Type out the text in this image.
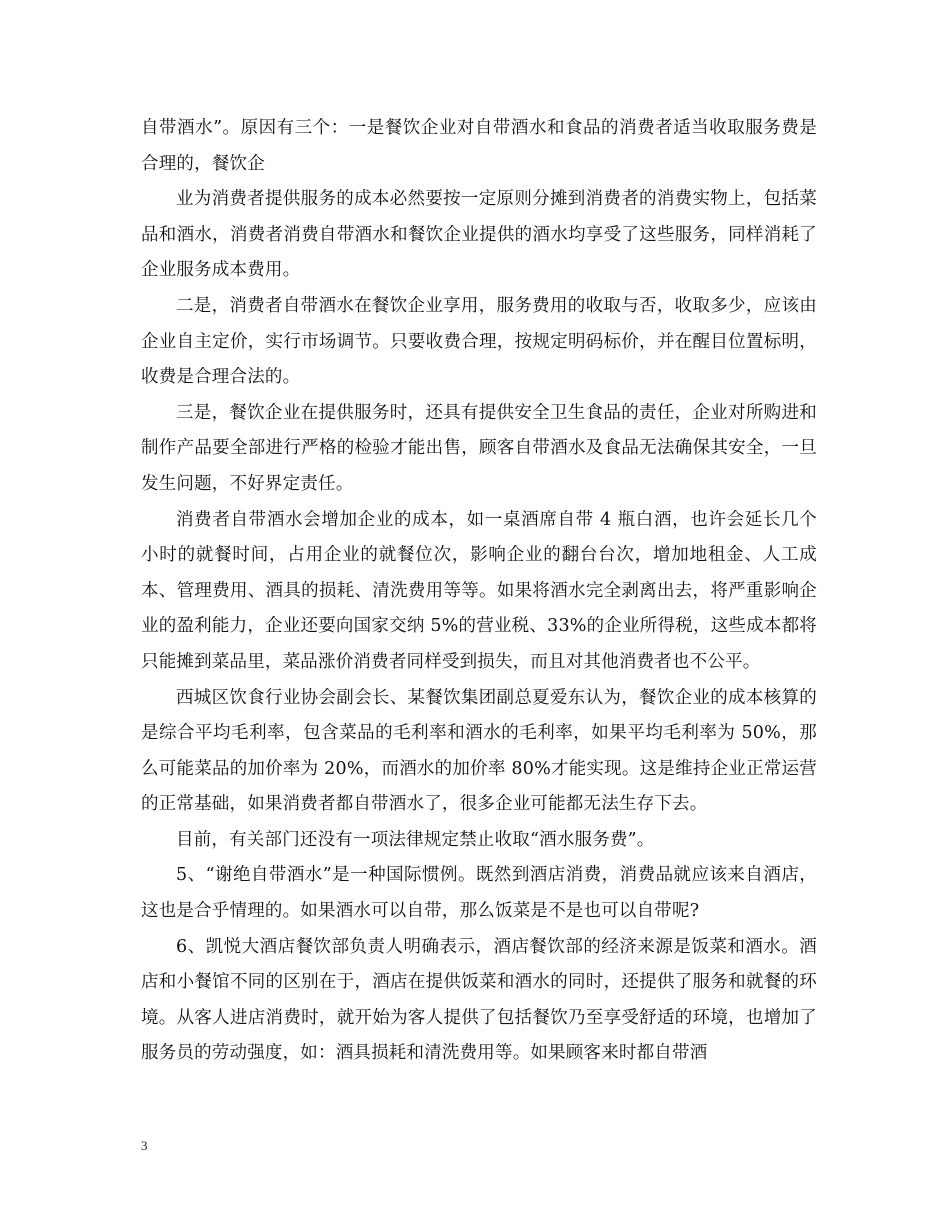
自带酒水”。原因有三个：一是餐饮企业对自带酒水和食品的消费者适当收取服务费是合理的，餐饮企

业为消费者提供服务的成本必然要按一定原则分摊到消费者的消费实物上，包括菜品和酒水，消费者消费自带酒水和餐饮企业提供的酒水均享受了这些服务，同样消耗了企业服务成本费用。

二是，消费者自带酒水在餐饮企业享用，服务费用的收取与否，收取多少，应该由企业自主定价，实行市场调节。只要收费合理，按规定明码标价，并在醒目位置标明，收费是合理合法的。

三是，餐饮企业在提供服务时，还具有提供安全卫生食品的责任，企业对所购进和制作产品要全部进行严格的检验才能出售，顾客自带酒水及食品无法确保其安全，一旦发生问题，不好界定责任。

消费者自带酒水会增加企业的成本，如一桌酒席自带 4 瓶白酒，也许会延长几个小时的就餐时间，占用企业的就餐位次，影响企业的翻台台次，增加地租金、人工成本、管理费用、酒具的损耗、清洗费用等等。如果将酒水完全剥离出去，将严重影响企业的盈利能力，企业还要向国家交纳 5%的营业税、33%的企业所得税，这些成本都将只能摊到菜品里，菜品涨价消费者同样受到损失，而且对其他消费者也不公平。

西城区饮食行业协会副会长、某餐饮集团副总夏爱东认为，餐饮企业的成本核算的是综合平均毛利率，包含菜品的毛利率和酒水的毛利率，如果平均毛利率为 50%，那么可能菜品的加价率为 20%，而酒水的加价率 80%才能实现。这是维持企业正常运营的正常基础，如果消费者都自带酒水了，很多企业可能都无法生存下去。

目前，有关部门还没有一项法律规定禁止收取“酒水服务费”。

5、“谢绝自带酒水”是一种国际惯例。既然到酒店消费，消费品就应该来自酒店，这也是合乎情理的。如果酒水可以自带，那么饭菜是不是也可以自带呢?

6、凯悦大酒店餐饮部负责人明确表示，酒店餐饮部的经济来源是饭菜和酒水。酒店和小餐馆不同的区别在于，酒店在提供饭菜和酒水的同时，还提供了服务和就餐的环境。从客人进店消费时，就开始为客人提供了包括餐饮乃至享受舒适的环境，也增加了服务员的劳动强度，如：酒具损耗和清洗费用等。如果顾客来时都自带酒

3
